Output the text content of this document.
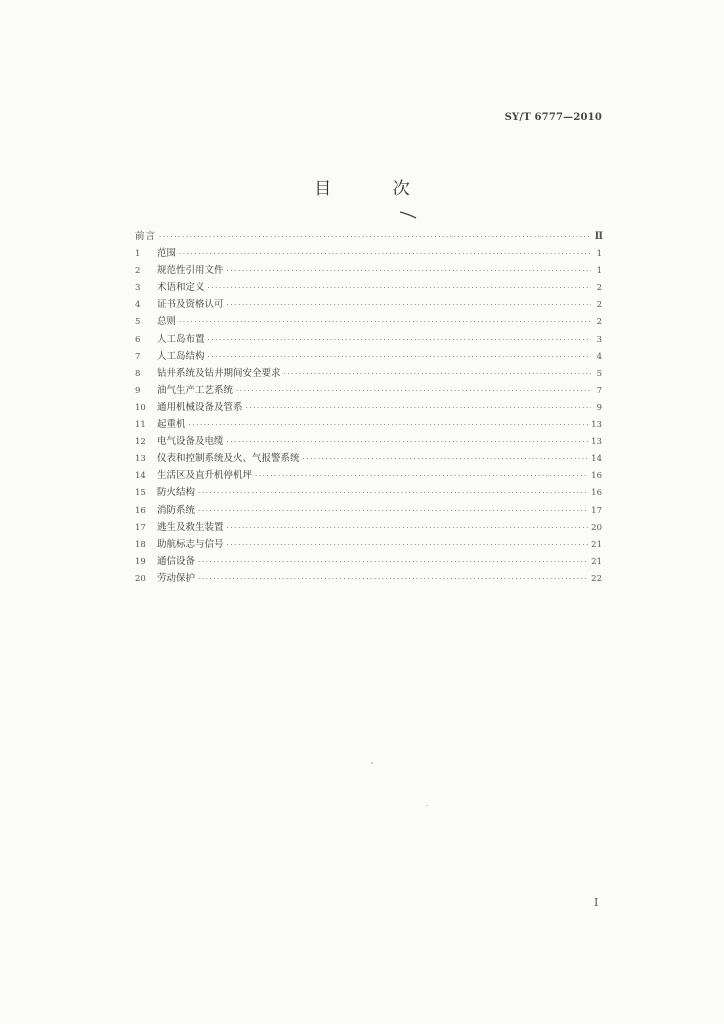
SY/T 6777—2010
目 次
前言 ·····	Ⅱ
1	范围 ·····	1
2	规范性引用文件 ·····	1
3	术语和定义 ·····	2
4	证书及资格认可 ·····	2
5	总则 ·····	2
6	人工岛布置 ·····	3
7	人工岛结构 ·····	4
8	钻井系统及钻井期间安全要求 ·····	5
9	油气生产工艺系统 ·····	7
10	通用机械设备及管系 ·····	9
11	起重机 ·····	13
12	电气设备及电缆 ·····	13
13	仪表和控制系统及火、气报警系统 ·····	14
14	生活区及直升机停机坪 ·····	16
15	防火结构 ·····	16
16	消防系统 ·····	17
17	逃生及救生装置 ·····	20
18	助航标志与信号 ·····	21
19	通信设备 ·····	21
20	劳动保护 ·····	22
I
